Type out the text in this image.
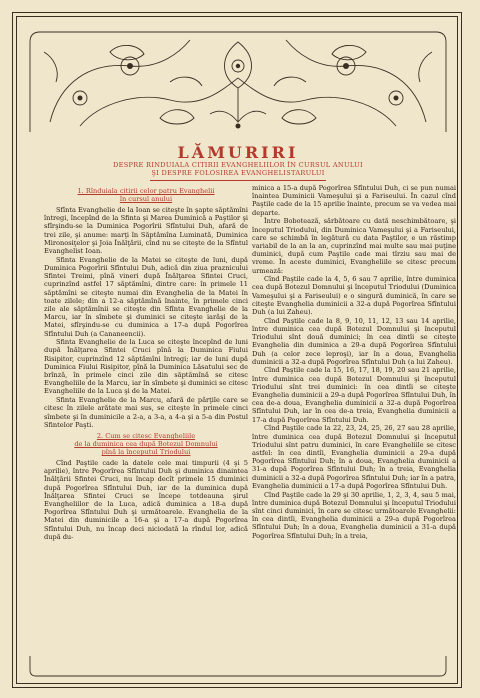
LĂMURIRI
DESPRE RINDUIALA CITIRII EVANGHELIILOR ÎN CURSUL ANULUI
ŞI DESPRE FOLOSIREA EVANGHELISTARULUI
1. Rînduiala citirii celor patru Evanghelii
în cursul anului

Sfînta Evanghelie de la Ioan se citeşte în şapte săptămîni întregi, începînd de la Sfinta şi Marea Duminică a Paştilor şi sfîrşindu-se la Duminica Pogorîrii Sfîntului Duh, afară de trei zile, şi anume: marţi în Săptămîna Luminată, Duminica Mironosiţelor şi Joia Înălţării, cînd nu se citeşte de la Sfîntul Evanghelist Ioan.

Sfinta Evanghelie de la Matei se citeşte de luni, după Duminica Pogorîrii Sfîntului Duh, adică din ziua praznicului Sfintei Treimi, pînă vineri după Înălţarea Sfintei Cruci, cuprinzînd astfel 17 săptămîni, dintre care: în primele 11 săptămîni se citeşte numai din Evanghelia de la Matei în toate zilele; din a 12-a săptămînă înainte, în primele cinci zile ale săptămînii se citeşte din Sfînta Evanghelie de la Marcu, iar în sîmbete şi duminici se citeşte iarăşi de la Matei, sfîrşindu-se cu duminica a 17-a după Pogorîrea Sfîntului Duh (a Cananeencii).

Sfinta Evanghelie de la Luca se citeşte începînd de luni după Înălţarea Sfintei Cruci pînă la Duminica Fiului Risipitor, cuprinzînd 12 săptămîni întregi; iar de luni după Duminica Fiului Risipitor, pînă la Duminica Lăsatului sec de brînză, în primele cinci zile din săptămînă se citesc Evangheliile de la Marcu, iar în sîmbete şi duminici se citesc Evangheliile de la Luca şi de la Matei.

Sfinta Evanghelie de la Marcu, afară de părţile care se citesc în zilele arătate mai sus, se citeşte în primele cinci sîmbete şi în duminicile a 2-a, a 3-a, a 4-a şi a 5-a din Postul Sfintelor Paşti.

2. Cum se citesc Evangheliile
de la duminica cea după Botezul Domnului
pînă la începutul Triodului

Cînd Paştile cade la datele cele mai timpurii (4 şi 5 aprilie), între Pogorîrea Sfîntului Duh şi duminica dinaintea Înălţării Sfintei Cruci, nu încap decît primele 15 duminici după Pogorîrea Sfîntului Duh, iar de la duminica după Înălţarea Sfintei Cruci se începe totdeauna şirul Evangheliilor de la Luca, adică duminica a 18-a după Pogorîrea Sfîntului Duh şi următoarele. Evanghelia de la Matei din duminicile a 16-a şi a 17-a după Pogorîrea Sfîntului Duh, nu încap deci niciodată la rîndul lor, adică după du-

minica a 15-a după Pogorîrea Sfîntului Duh, ci se pun numai înaintea Duminicii Vameşului şi a Fariseului. În cazul cînd Paştile cade de la 15 aprilie înainte, precum se va vedea mai departe.

Între Bobotează, sărbătoare cu dată neschimbătoare, şi începutul Triodului, din Duminica Vameşului şi a Fariseului, care se schimbă în legătură cu data Paştilor, e un răstimp variabil de la an la an, cuprinzînd mai multe sau mai puţine duminici, după cum Paştile cade mai tîrziu sau mai de vreme. În aceste duminici, Evangheliile se citesc precum urmează:

Cînd Paştile cade la 4, 5, 6 sau 7 aprilie, între duminica cea după Botezul Domnului şi începutul Triodului (Duminica Vameşului şi a Fariseului) e o singură duminică, în care se citeşte Evanghelia duminicii a 32-a după Pogorîrea Sfîntului Duh (a lui Zaheu).

Cînd Paştile cade la 8, 9, 10, 11, 12, 13 sau 14 aprilie, între duminica cea după Botezul Domnului şi începutul Triodului sînt două duminici; în cea dintîi se citeşte Evanghelia din duminica a 29-a după Pogorîrea Sfîntului Duh (a celor zece leproşi), iar în a doua, Evanghelia duminicii a 32-a după Pogorîrea Sfîntului Duh (a lui Zaheu).

Cînd Paştile cade la 15, 16, 17, 18, 19, 20 sau 21 aprilie, între duminica cea după Botezul Domnului şi începutul Triodului sînt trei duminici: în cea dintîi se citeşte Evanghelia duminicii a 29-a după Pogorîrea Sfîntului Duh, în cea de-a doua, Evanghelia duminicii a 32-a după Pogorîrea Sfîntului Duh, iar în cea de-a treia, Evanghelia duminicii a 17-a după Pogorîrea Sfîntului Duh.

Cînd Paştile cade la 22, 23, 24, 25, 26, 27 sau 28 aprilie, între duminica cea după Botezul Domnului şi începutul Triodului sînt patru duminici, în care Evangheliile se citesc astfel: în cea dintîi, Evanghelia duminicii a 29-a după Pogorîrea Sfîntului Duh; în a doua, Evanghelia duminicii a 31-a după Pogorîrea Sfîntului Duh; în a treia, Evanghelia duminicii a 32-a după Pogorîrea Sfîntului Duh; iar în a patra, Evanghelia duminicii a 17-a după Pogorîrea Sfîntului Duh.

Cînd Paştile cade la 29 şi 30 aprilie, 1, 2, 3, 4, sau 5 mai, între duminica după Botezul Domnului şi începutul Triodului sînt cinci duminici, în care se citesc următoarele Evanghelii: în cea dintîi, Evanghelia duminicii a 29-a după Pogorîrea Sfîntului Duh; în a doua, Evanghelia duminicii a 31-a după Pogorîrea Sfîntului Duh; în a treia,
